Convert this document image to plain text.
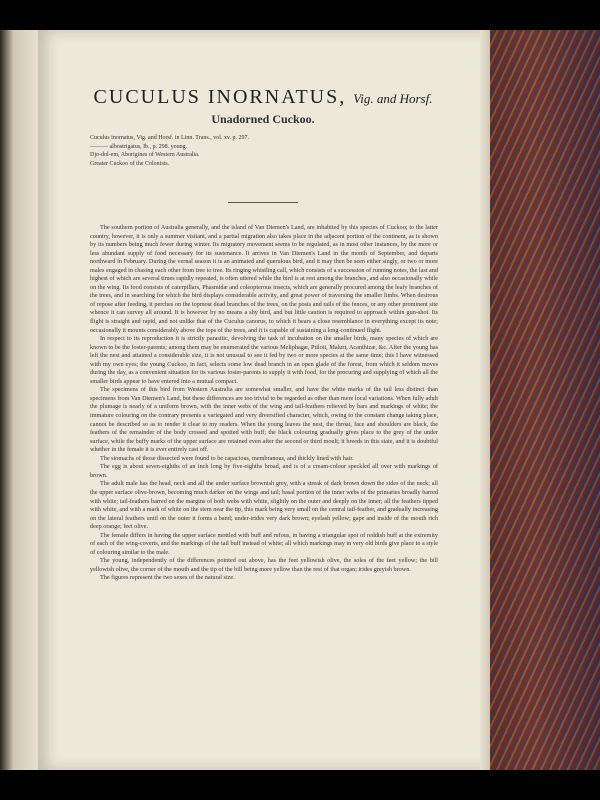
CUCULUS INORNATUS, Vig. and Horsf.
Unadorned Cuckoo.
Cuculus inornatus, Vig. and Horsf. in Linn. Trans., vol. xv. p. 297.
——— albostrigatus, Ib., p. 298. young.
Djo-dol-em, Aborigines of Western Australia.
Greater Cuckoo of the Colonists.

The southern portion of Australia generally, and the island of Van Diemen's Land, are inhabited by this species of Cuckoo; to the latter country, however, it is only a summer visitant, and a partial migration also takes place in the adjacent portion of the continent, as is shown by its numbers being much fewer during winter. Its migratory movement seems to be regulated, as in most other instances, by the more or less abundant supply of food necessary for its sustenance. It arrives in Van Diemen's Land in the month of September, and departs northward in February. During the vernal season it is an animated and querulous bird, and it may then be seen either singly, or two or more males engaged in chasing each other from tree to tree. Its ringing whistling call, which consists of a succession of running notes, the last and highest of which are several times rapidly repeated, is often uttered while the bird is at rest among the branches, and also occasionally while on the wing. Its food consists of caterpillars, Phasmidæ and coleopterous insects, which are generally procured among the leafy branches of the trees, and in searching for which the bird displays considerable activity, and great power of traversing the smaller limbs. When desirous of repose after feeding, it perches on the topmost dead branches of the trees, on the posts and rails of the fences, or any other prominent site whence it can survey all around. It is however by no means a shy bird, and but little caution is required to approach within gun-shot. Its flight is straight and rapid, and not unlike that of the Cuculus canorus, to which it bears a close resemblance in everything except its note; occasionally it mounts considerably above the tops of the trees, and it is capable of sustaining a long-continued flight.

In respect to its reproduction it is strictly parasitic, devolving the task of incubation on the smaller birds, many species of which are known to be the foster-parents; among them may be enumerated the various Meliphagæ, Ptiloti, Maluri, Acanthizæ, &c. After the young has left the nest and attained a considerable size, it is not unusual to see it fed by two or more species at the same time; this I have witnessed with my own eyes; the young Cuckoo, in fact, selects some low dead branch in an open glade of the forest, from which it seldom moves during the day, as a convenient situation for its various foster-parents to supply it with food, for the procuring and supplying of which all the smaller birds appear to have entered into a mutual compact.

The specimens of this bird from Western Australia are somewhat smaller, and have the white marks of the tail less distinct than specimens from Van Diemen's Land, but these differences are too trivial to be regarded as other than mere local variations. When fully adult the plumage is nearly of a uniform brown, with the inner webs of the wing and tail-feathers relieved by bars and markings of white; the immature colouring on the contrary presents a variegated and very diversified character, which, owing to the constant change taking place, cannot be described so as to render it clear to my readers. When the young leaves the nest, the throat, face and shoulders are black, the feathers of the remainder of the body crossed and spotted with buff; the black colouring gradually gives place to the grey of the under surface, while the buffy marks of the upper surface are retained even after the second or third moult; it breeds in this state, and it is doubtful whether in the female it is ever entirely cast off.

The stomachs of those dissected were found to be capacious, membranous, and thickly lined with hair.

The egg is about seven-eighths of an inch long by five-eighths broad, and is of a cream-colour speckled all over with markings of brown.

The adult male has the head, neck and all the under surface brownish grey, with a streak of dark brown down the sides of the neck; all the upper surface olive-brown, becoming much darker on the wings and tail; basal portion of the inner webs of the primaries broadly barred with white; tail-feathers barred on the margins of both webs with white, slightly on the outer and deeply on the inner; all the feathers tipped with white, and with a mark of white on the stem near the tip, this mark being very small on the central tail-feather, and gradually increasing on the lateral feathers until on the outer it forms a band; under-irides very dark brown; eyelash yellow; gape and inside of the mouth rich deep orange; feet olive.

The female differs in having the upper surface mottled with buff and rufous, in having a triangular spot of reddish buff at the extremity of each of the wing-coverts, and the markings of the tail buff instead of white; all which markings may in very old birds give place to a style of colouring similar to the male.

The young, independently of the differences pointed out above, has the feet yellowish olive, the soles of the feet yellow; the bill yellowish olive, the corner of the mouth and the tip of the bill being more yellow than the rest of that organ; irides greyish brown.

The figures represent the two sexes of the natural size.
